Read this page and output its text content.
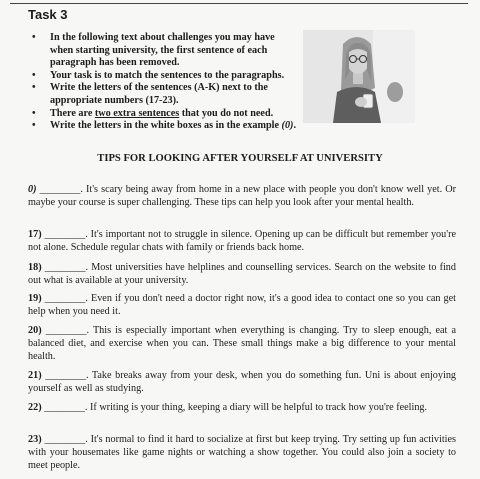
Task 3
• In the following text about challenges you may have when starting university, the first sentence of each paragraph has been removed.
• Your task is to match the sentences to the paragraphs.
• Write the letters of the sentences (A-K) next to the appropriate numbers (17-23).
• There are two extra sentences that you do not need.
• Write the letters in the white boxes as in the example (0).
TIPS FOR LOOKING AFTER YOURSELF AT UNIVERSITY
0) ________. It's scary being away from home in a new place with people you don't know well yet. Or maybe your course is super challenging. These tips can help you look after your mental health.
17) ________. It's important not to struggle in silence. Opening up can be difficult but remember you're not alone. Schedule regular chats with family or friends back home.
18) ________. Most universities have helplines and counselling services. Search on the website to find out what is available at your university.
19) ________. Even if you don't need a doctor right now, it's a good idea to contact one so you can get help when you need it.
20) ________. This is especially important when everything is changing. Try to sleep enough, eat a balanced diet, and exercise when you can. These small things make a big difference to your mental health.
21) ________. Take breaks away from your desk, when you do something fun. Uni is about enjoying yourself as well as studying.
22) ________. If writing is your thing, keeping a diary will be helpful to track how you're feeling.
23) ________. It's normal to find it hard to socialize at first but keep trying. Try setting up fun activities with your housemates like game nights or watching a show together. You could also join a society to meet people.
